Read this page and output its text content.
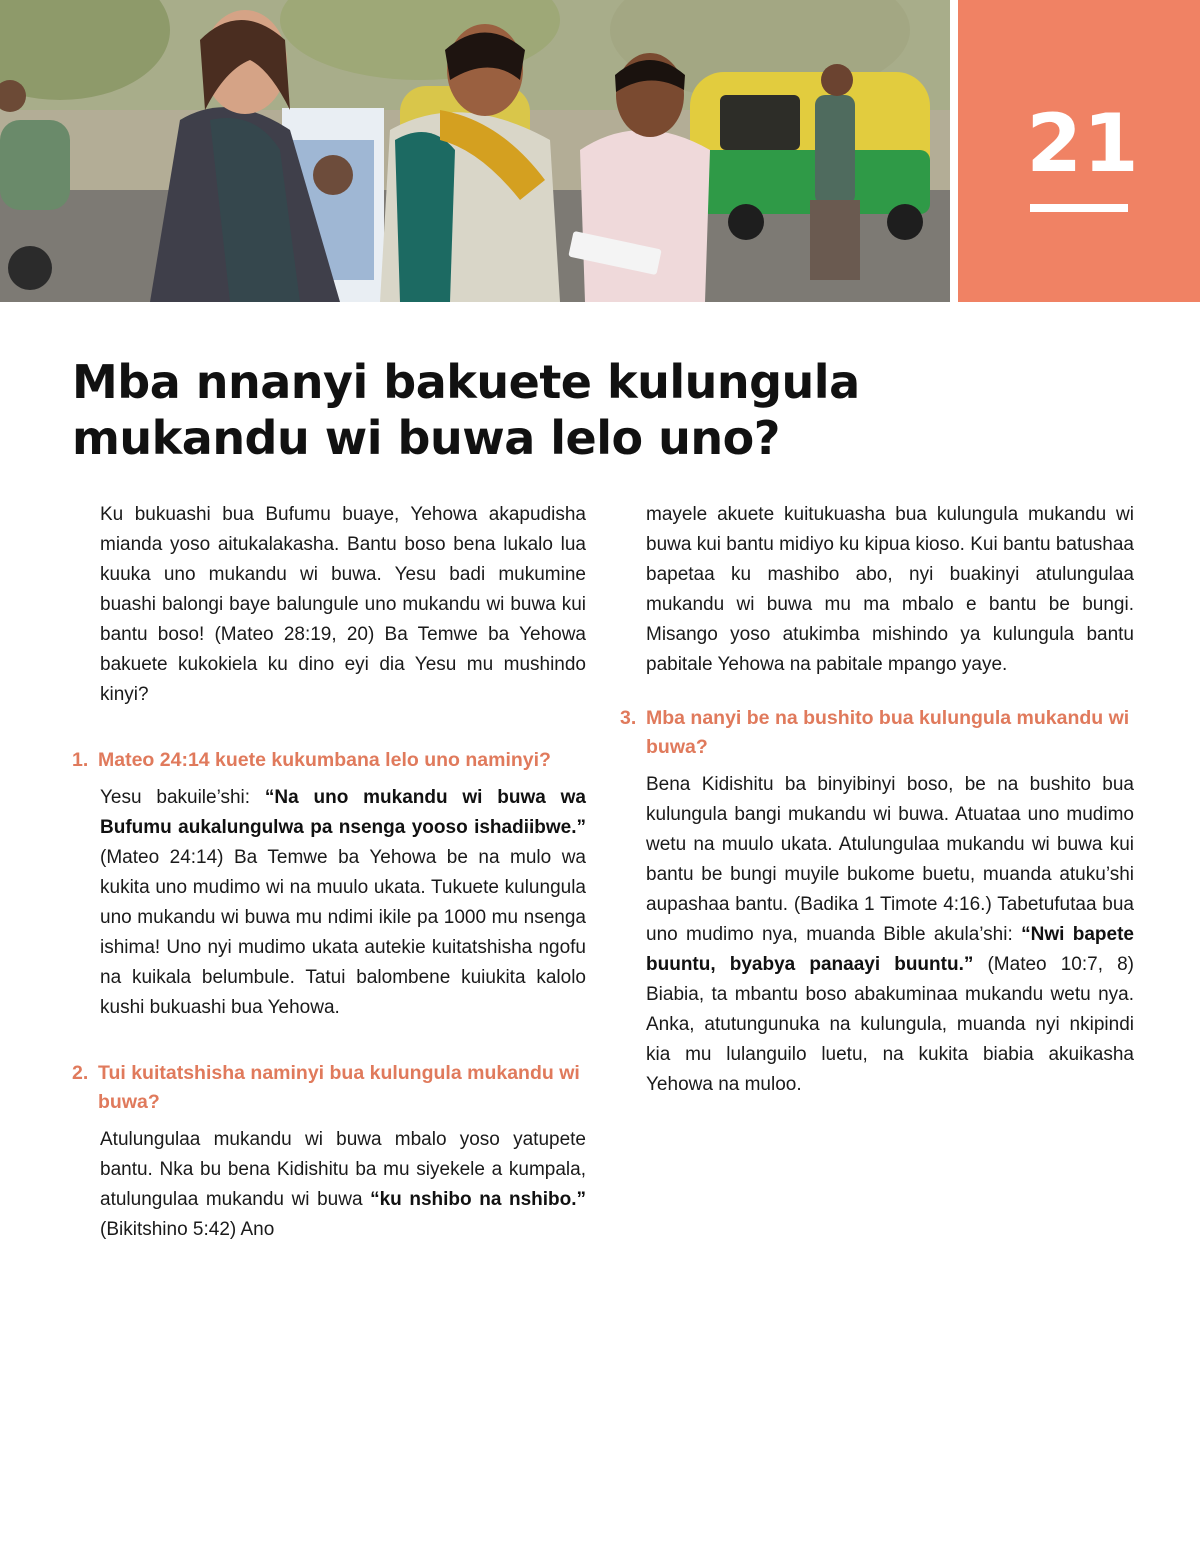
21
Mba nnanyi bakuete kulungula mukandu wi buwa lelo uno?

Ku bukuashi bua Bufumu buaye, Yehowa akapudisha mianda yoso aitukalakasha. Bantu boso bena lukalo lua kuuka uno mukandu wi buwa. Yesu badi mukumine buashi balongi baye balungule uno mukandu wi buwa kui bantu boso! (Mateo 28:19, 20) Ba Temwe ba Yehowa bakuete kukokiela ku dino eyi dia Yesu mu mushindo kinyi?

1. Mateo 24:14 kuete kukumbana lelo uno naminyi?

Yesu bakuile’shi: “Na uno mukandu wi buwa wa Bufumu aukalungulwa pa nsenga yooso ishadiibwe.” (Mateo 24:14) Ba Temwe ba Yehowa be na mulo wa kukita uno mudimo wi na muulo ukata. Tukuete kulungula uno mukandu wi buwa mu ndimi ikile pa 1000 mu nsenga ishima! Uno nyi mudimo ukata autekie kuitatshisha ngofu na kuikala belumbule. Tatui balombene kuiukita kalolo kushi bukuashi bua Yehowa.

2. Tui kuitatshisha naminyi bua kulungula mukandu wi buwa?

Atulungulaa mukandu wi buwa mbalo yoso yatupete bantu. Nka bu bena Kidishitu ba mu siyekele a kumpala, atulungulaa mukandu wi buwa “ku nshibo na nshibo.” (Bikitshino 5:42) Ano

mayele akuete kuitukuasha bua kulungula mukandu wi buwa kui bantu midiyo ku kipua kioso. Kui bantu batushaa bapetaa ku mashibo abo, nyi buakinyi atulungulaa mukandu wi buwa mu ma mbalo e bantu be bungi. Misango yoso atukimba mishindo ya kulungula bantu pabitale Yehowa na pabitale mpango yaye.

3. Mba nanyi be na bushito bua kulungula mukandu wi buwa?

Bena Kidishitu ba binyibinyi boso, be na bushito bua kulungula bangi mukandu wi buwa. Atuataa uno mudimo wetu na muulo ukata. Atulungulaa mukandu wi buwa kui bantu be bungi muyile bukome buetu, muanda atuku’shi aupashaa bantu. (Badika 1 Timote 4:16.) Tabetufutaa bua uno mudimo nya, muanda Bible akula’shi: “Nwi bapete buuntu, byabya panaayi buuntu.” (Mateo 10:7, 8) Biabia, ta mbantu boso abakuminaa mukandu wetu nya. Anka, atutungunuka na kulungula, muanda nyi nkipindi kia mu lulanguilo luetu, na kukita biabia akuikasha Yehowa na muloo.
